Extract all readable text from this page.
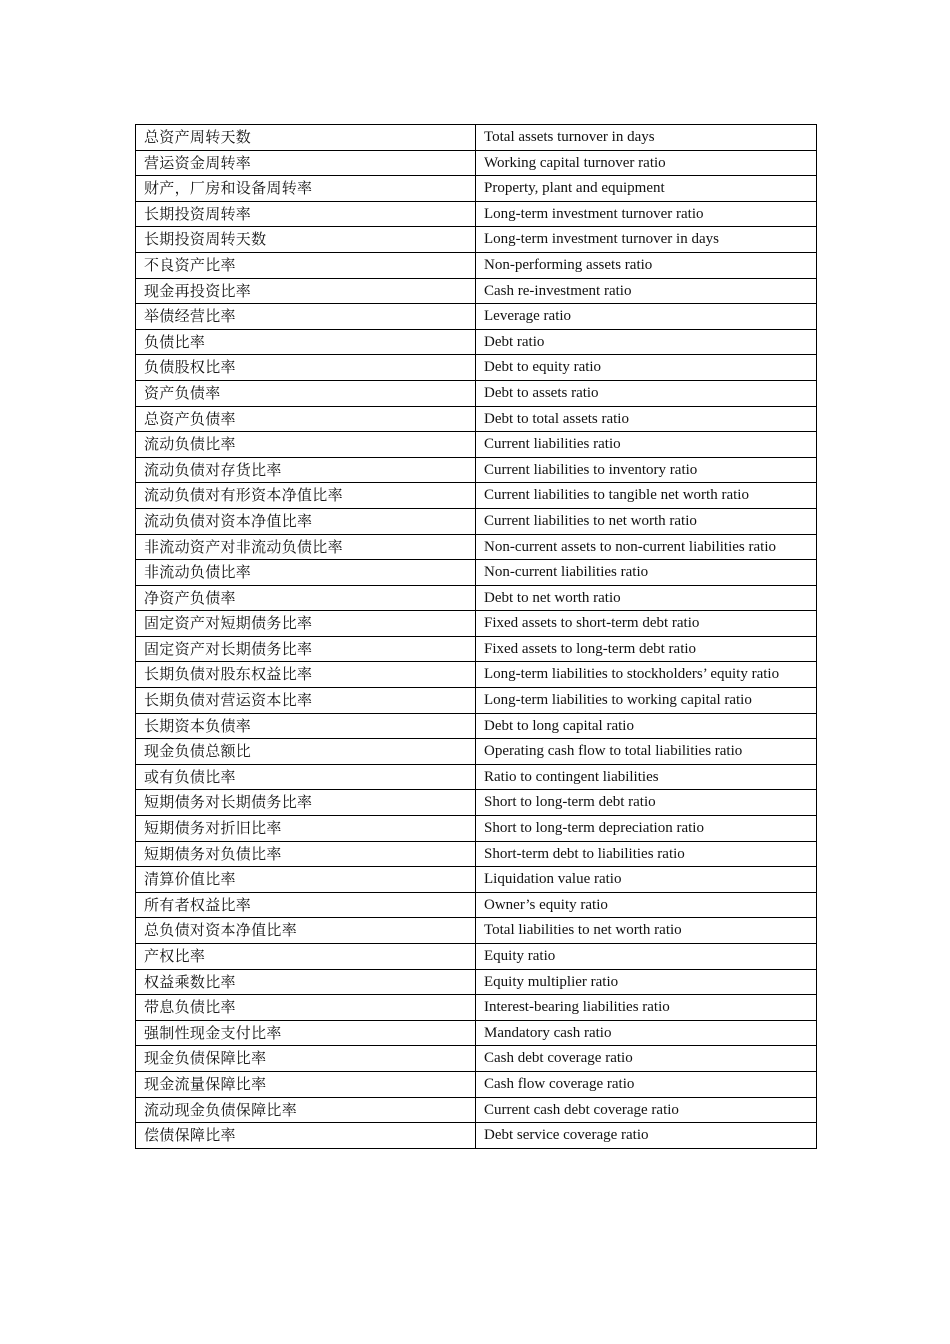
总资产周转天数	Total assets turnover in days
营运资金周转率	Working capital turnover ratio
财产，厂房和设备周转率	Property, plant and equipment
长期投资周转率	Long-term investment turnover ratio
长期投资周转天数	Long-term investment turnover in days
不良资产比率	Non-performing assets ratio
现金再投资比率	Cash re-investment ratio
举债经营比率	Leverage ratio
负债比率	Debt ratio
负债股权比率	Debt to equity ratio
资产负债率	Debt to assets ratio
总资产负债率	Debt to total assets ratio
流动负债比率	Current liabilities ratio
流动负债对存货比率	Current liabilities to inventory ratio
流动负债对有形资本净值比率	Current liabilities to tangible net worth ratio
流动负债对资本净值比率	Current liabilities to net worth ratio
非流动资产对非流动负债比率	Non-current assets to non-current liabilities ratio
非流动负债比率	Non-current liabilities ratio
净资产负债率	Debt to net worth ratio
固定资产对短期债务比率	Fixed assets to short-term debt ratio
固定资产对长期债务比率	Fixed assets to long-term debt ratio
长期负债对股东权益比率	Long-term liabilities to stockholders’ equity ratio
长期负债对营运资本比率	Long-term liabilities to working capital ratio
长期资本负债率	Debt to long capital ratio
现金负债总额比	Operating cash flow to total liabilities ratio
或有负债比率	Ratio to contingent liabilities
短期债务对长期债务比率	Short to long-term debt ratio
短期债务对折旧比率	Short to long-term depreciation ratio
短期债务对负债比率	Short-term debt to liabilities ratio
清算价值比率	Liquidation value ratio
所有者权益比率	Owner’s equity ratio
总负债对资本净值比率	Total liabilities to net worth ratio
产权比率	Equity ratio
权益乘数比率	Equity multiplier ratio
带息负债比率	Interest-bearing liabilities ratio
强制性现金支付比率	Mandatory cash ratio
现金负债保障比率	Cash debt coverage ratio
现金流量保障比率	Cash flow coverage ratio
流动现金负债保障比率	Current cash debt coverage ratio
偿债保障比率	Debt service coverage ratio
